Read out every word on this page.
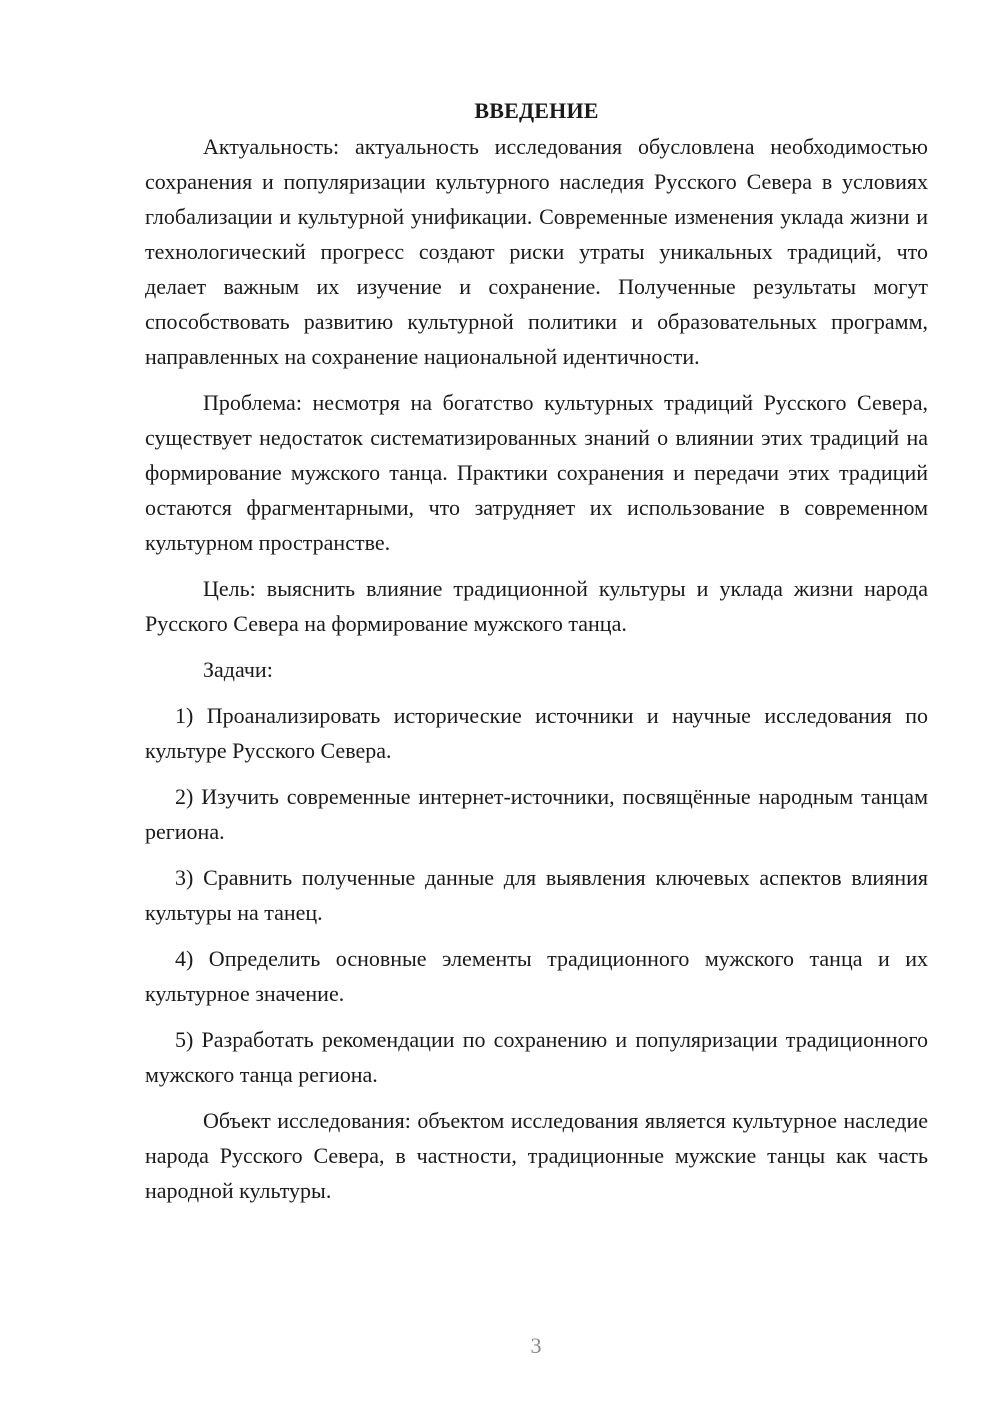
ВВЕДЕНИЕ

Актуальность: актуальность исследования обусловлена необходимостью сохранения и популяризации культурного наследия Русского Севера в условиях глобализации и культурной унификации. Современные изменения уклада жизни и технологический прогресс создают риски утраты уникальных традиций, что делает важным их изучение и сохранение. Полученные результаты могут способствовать развитию культурной политики и образовательных программ, направленных на сохранение национальной идентичности.

Проблема: несмотря на богатство культурных традиций Русского Севера, существует недостаток систематизированных знаний о влиянии этих традиций на формирование мужского танца. Практики сохранения и передачи этих традиций остаются фрагментарными, что затрудняет их использование в современном культурном пространстве.

Цель: выяснить влияние традиционной культуры и уклада жизни народа Русского Севера на формирование мужского танца.

Задачи:

1) Проанализировать исторические источники и научные исследования по культуре Русского Севера.

2) Изучить современные интернет-источники, посвящённые народным танцам региона.

3) Сравнить полученные данные для выявления ключевых аспектов влияния культуры на танец.

4) Определить основные элементы традиционного мужского танца и их культурное значение.

5) Разработать рекомендации по сохранению и популяризации традиционного мужского танца региона.

Объект исследования: объектом исследования является культурное наследие народа Русского Севера, в частности, традиционные мужские танцы как часть народной культуры.

3
